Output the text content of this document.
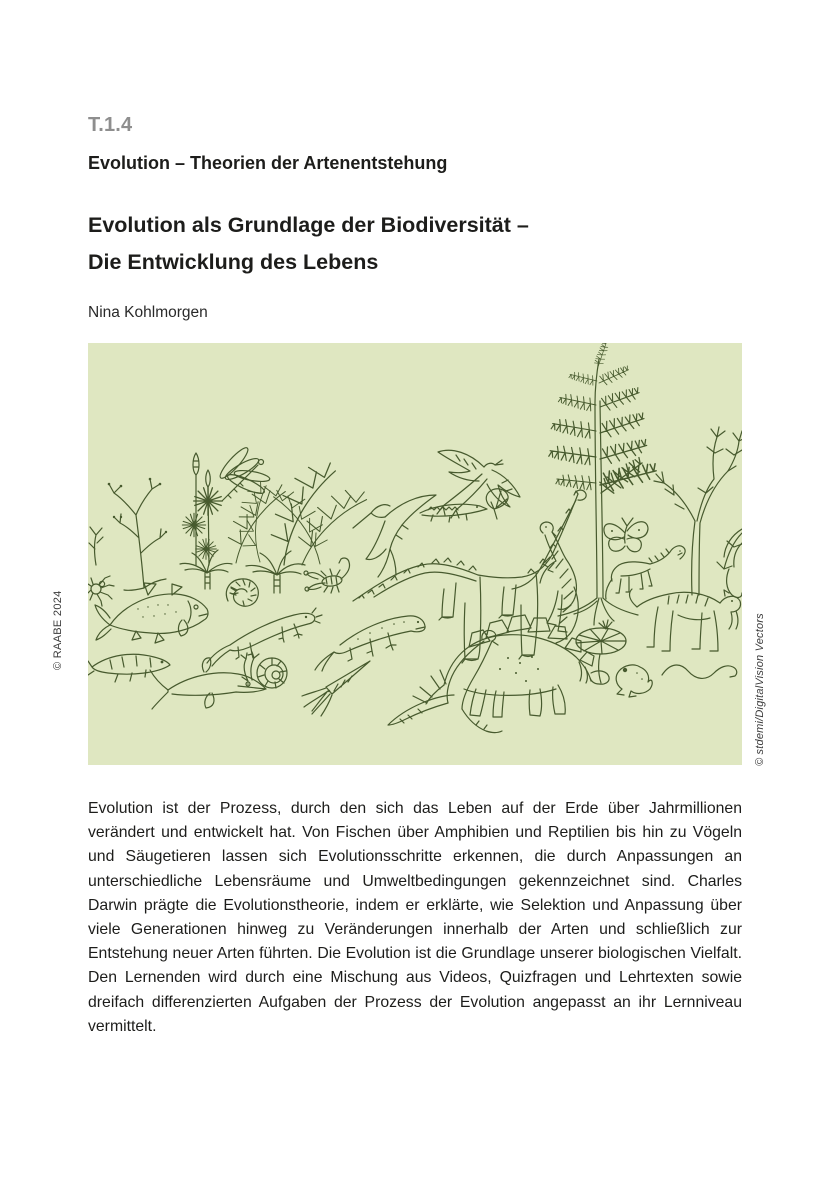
T.1.4
Evolution – Theorien der Artenentstehung
Evolution als Grundlage der Biodiversität –
Die Entwicklung des Lebens
Nina Kohlmorgen
© RAABE 2024	© stdemi/DigitalVision Vectors

Evolution ist der Prozess, durch den sich das Leben auf der Erde über Jahrmillionen verändert und entwickelt hat. Von Fischen über Amphibien und Reptilien bis hin zu Vögeln und Säugetieren lassen sich Evolutionsschritte erkennen, die durch Anpassungen an unterschiedliche Lebensräume und Umweltbedingungen gekennzeichnet sind. Charles Darwin prägte die Evolutionstheorie, indem er erklärte, wie Selektion und Anpassung über viele Generationen hinweg zu Veränderungen innerhalb der Arten und schließlich zur Entstehung neuer Arten führten. Die Evolution ist die Grundlage unserer biologischen Vielfalt. Den Lernenden wird durch eine Mischung aus Videos, Quizfragen und Lehrtexten sowie dreifach differenzierten Aufgaben der Prozess der Evolution angepasst an ihr Lernniveau vermittelt.
